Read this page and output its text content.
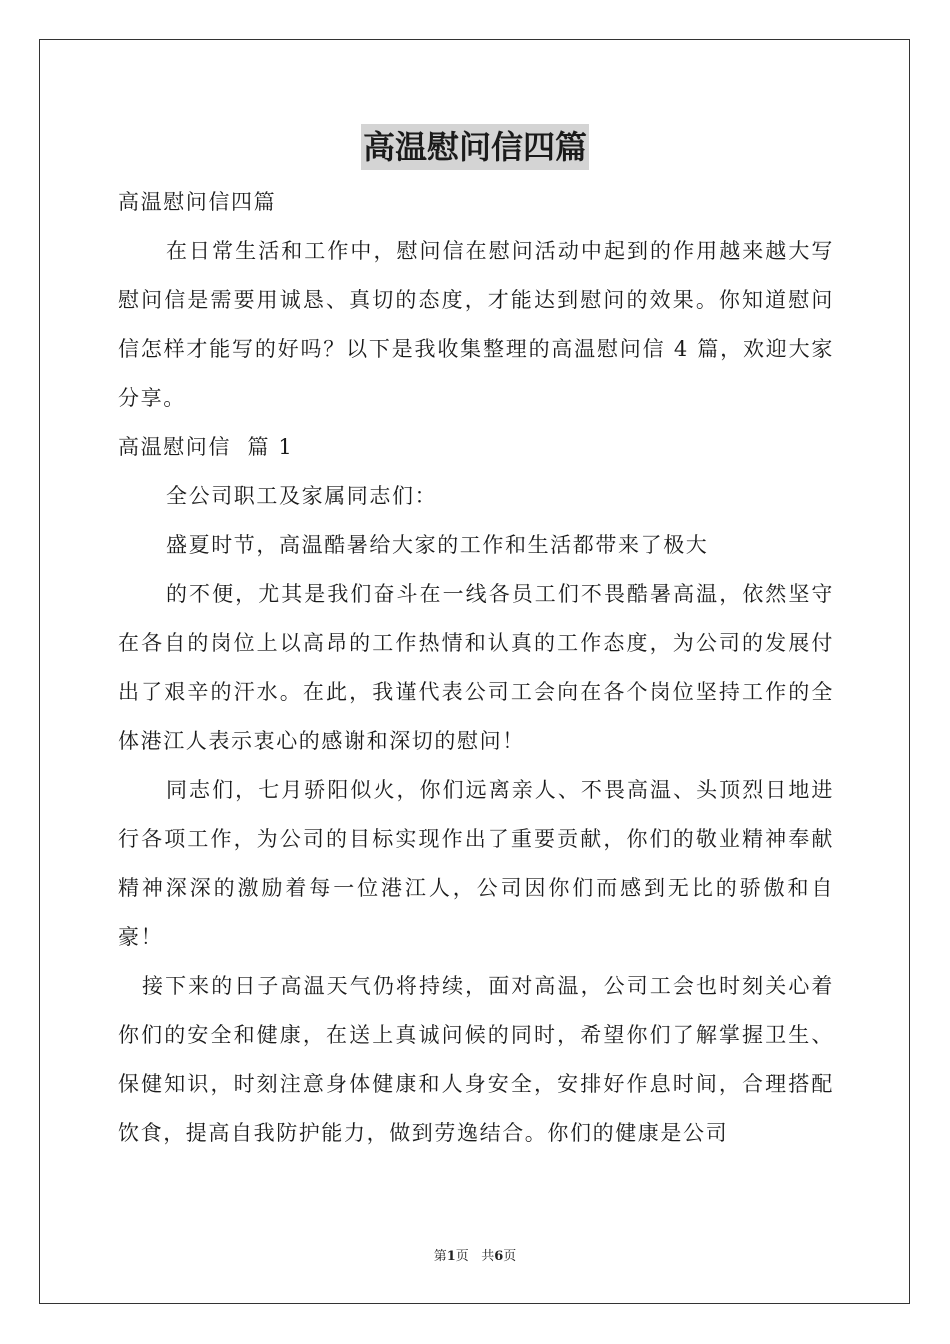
高温慰问信四篇

高温慰问信四篇

在日常生活和工作中，慰问信在慰问活动中起到的作用越来越大写慰问信是需要用诚恳、真切的态度，才能达到慰问的效果。你知道慰问信怎样才能写的好吗？以下是我收集整理的高温慰问信 4 篇，欢迎大家分享。

高温慰问信  篇 1

全公司职工及家属同志们：

盛夏时节，高温酷暑给大家的工作和生活都带来了极大

的不便，尤其是我们奋斗在一线各员工们不畏酷暑高温，依然坚守在各自的岗位上以高昂的工作热情和认真的工作态度，为公司的发展付出了艰辛的汗水。在此，我谨代表公司工会向在各个岗位坚持工作的全体港江人表示衷心的感谢和深切的慰问！

同志们，七月骄阳似火，你们远离亲人、不畏高温、头顶烈日地进行各项工作，为公司的目标实现作出了重要贡献，你们的敬业精神奉献精神深深的激励着每一位港江人，公司因你们而感到无比的骄傲和自豪！

接下来的日子高温天气仍将持续，面对高温，公司工会也时刻关心着你们的安全和健康，在送上真诚问候的同时，希望你们了解掌握卫生、保健知识，时刻注意身体健康和人身安全，安排好作息时间，合理搭配饮食，提高自我防护能力，做到劳逸结合。你们的健康是公司

第1页 共6页
